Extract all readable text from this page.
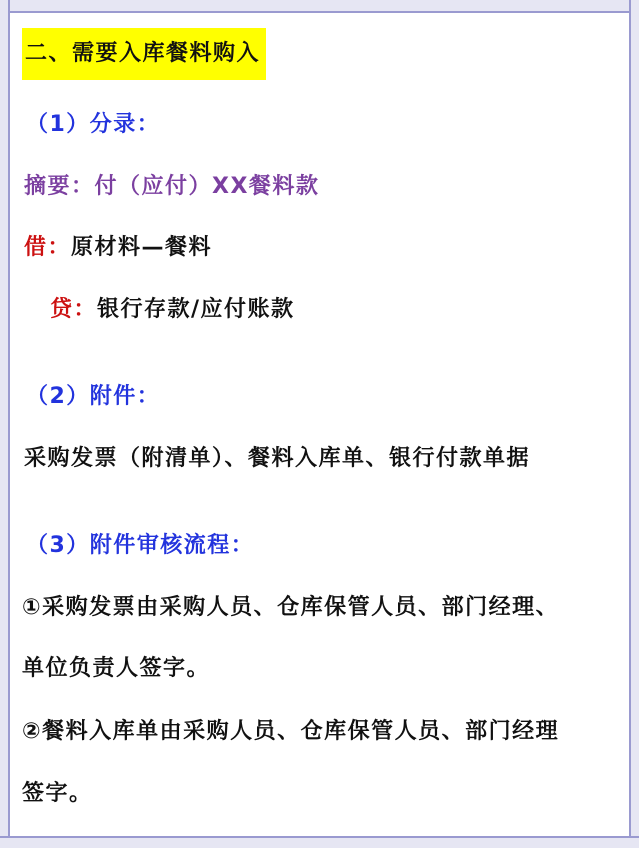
二、需要入库餐料购入
（1）分录：
摘要：付（应付）XX餐料款
借：原材料—餐料
贷：银行存款/应付账款
（2）附件：
采购发票（附清单）、餐料入库单、银行付款单据
（3）附件审核流程：
①采购发票由采购人员、仓库保管人员、部门经理、
单位负责人签字。
②餐料入库单由采购人员、仓库保管人员、部门经理
签字。
